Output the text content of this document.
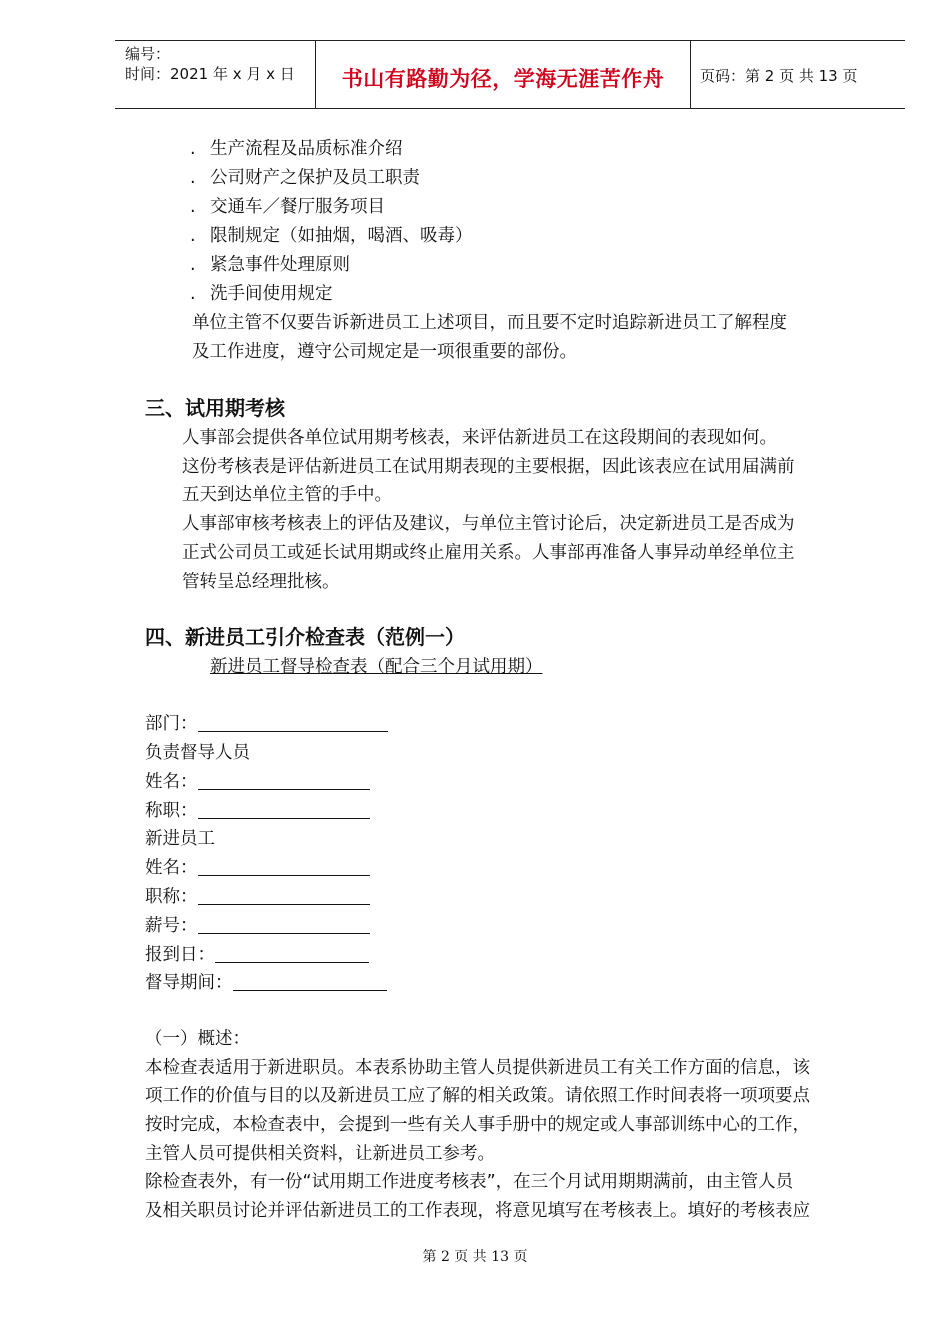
编号：
时间：2021 年 x 月 x 日	书山有路勤为径，学海无涯苦作舟	页码：第 2 页 共 13 页
. 生产流程及品质标准介绍
. 公司财产之保护及员工职责
. 交通车／餐厅服务项目
. 限制规定（如抽烟，喝酒、吸毒）
. 紧急事件处理原则
. 洗手间使用规定
单位主管不仅要告诉新进员工上述项目，而且要不定时追踪新进员工了解程度
及工作进度，遵守公司规定是一项很重要的部份。
三、试用期考核
人事部会提供各单位试用期考核表，来评估新进员工在这段期间的表现如何。
这份考核表是评估新进员工在试用期表现的主要根据，因此该表应在试用届满前
五天到达单位主管的手中。
人事部审核考核表上的评估及建议，与单位主管讨论后，决定新进员工是否成为
正式公司员工或延长试用期或终止雇用关系。人事部再准备人事异动单经单位主
管转呈总经理批核。
四、新进员工引介检查表（范例一）
新进员工督导检查表（配合三个月试用期）
部门：
负责督导人员
姓名：
称职：
新进员工
姓名：
职称：
薪号：
报到日：
督导期间：
（一）概述：
本检查表适用于新进职员。本表系协助主管人员提供新进员工有关工作方面的信息，该
项工作的价值与目的以及新进员工应了解的相关政策。请依照工作时间表将一项项要点
按时完成，本检查表中，会提到一些有关人事手册中的规定或人事部训练中心的工作，
主管人员可提供相关资料，让新进员工参考。
除检查表外，有一份“试用期工作进度考核表”，在三个月试用期期满前，由主管人员
及相关职员讨论并评估新进员工的工作表现，将意见填写在考核表上。填好的考核表应
第 2 页 共 13 页
